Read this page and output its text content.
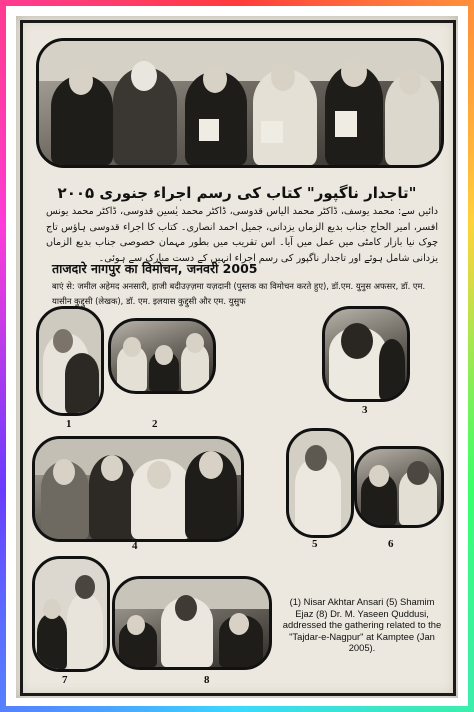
"تاجدار ناگپور" کتاب کی رسم اجراء جنوری ۲۰۰۵
دائیں سے: محمد یوسف، ڈاکٹر محمد الیاس قدوسی، ڈاکٹر محمد یٰسین قدوسی، ڈاکٹر محمد یونس افسر، امیر الحاج جناب بدیع الزماں یزدانی، جمیل احمد انصاری۔ کتاب کا اجراء قدوسی ہاؤس تاج چوک نیا بازار کامٹی میں عمل میں آیا۔ اس تقریب میں بطور مہمان خصوصی جناب بدیع الزماں یزدانی شامل ہوئے اور تاجدار ناگپور کی رسم اجراء انہیں کے دست مبارک سے ہوئی۔
ताजदारे नागपुर का विमोचन, जनवरी 2005
बाएं से: जमील अहेमद अनसारी, हाजी बदीउज़्ज़मा यज़दानी (पुस्तक का विमोचन करते हुए), डॉ.एम. युनुस अफसर, डॉ. एम. यासीन कुद्दुसी (लेखक), डॉ. एम. इलयास कुद्दुसी और एम. युसुफ
1	2
3
4	5	6
7	8
(1) Nisar Akhtar Ansari (5) Shamim Ejaz (8) Dr. M. Yaseen Quddusi, addressed the gathering related to the "Tajdar-e-Nagpur" at Kamptee (Jan 2005).
